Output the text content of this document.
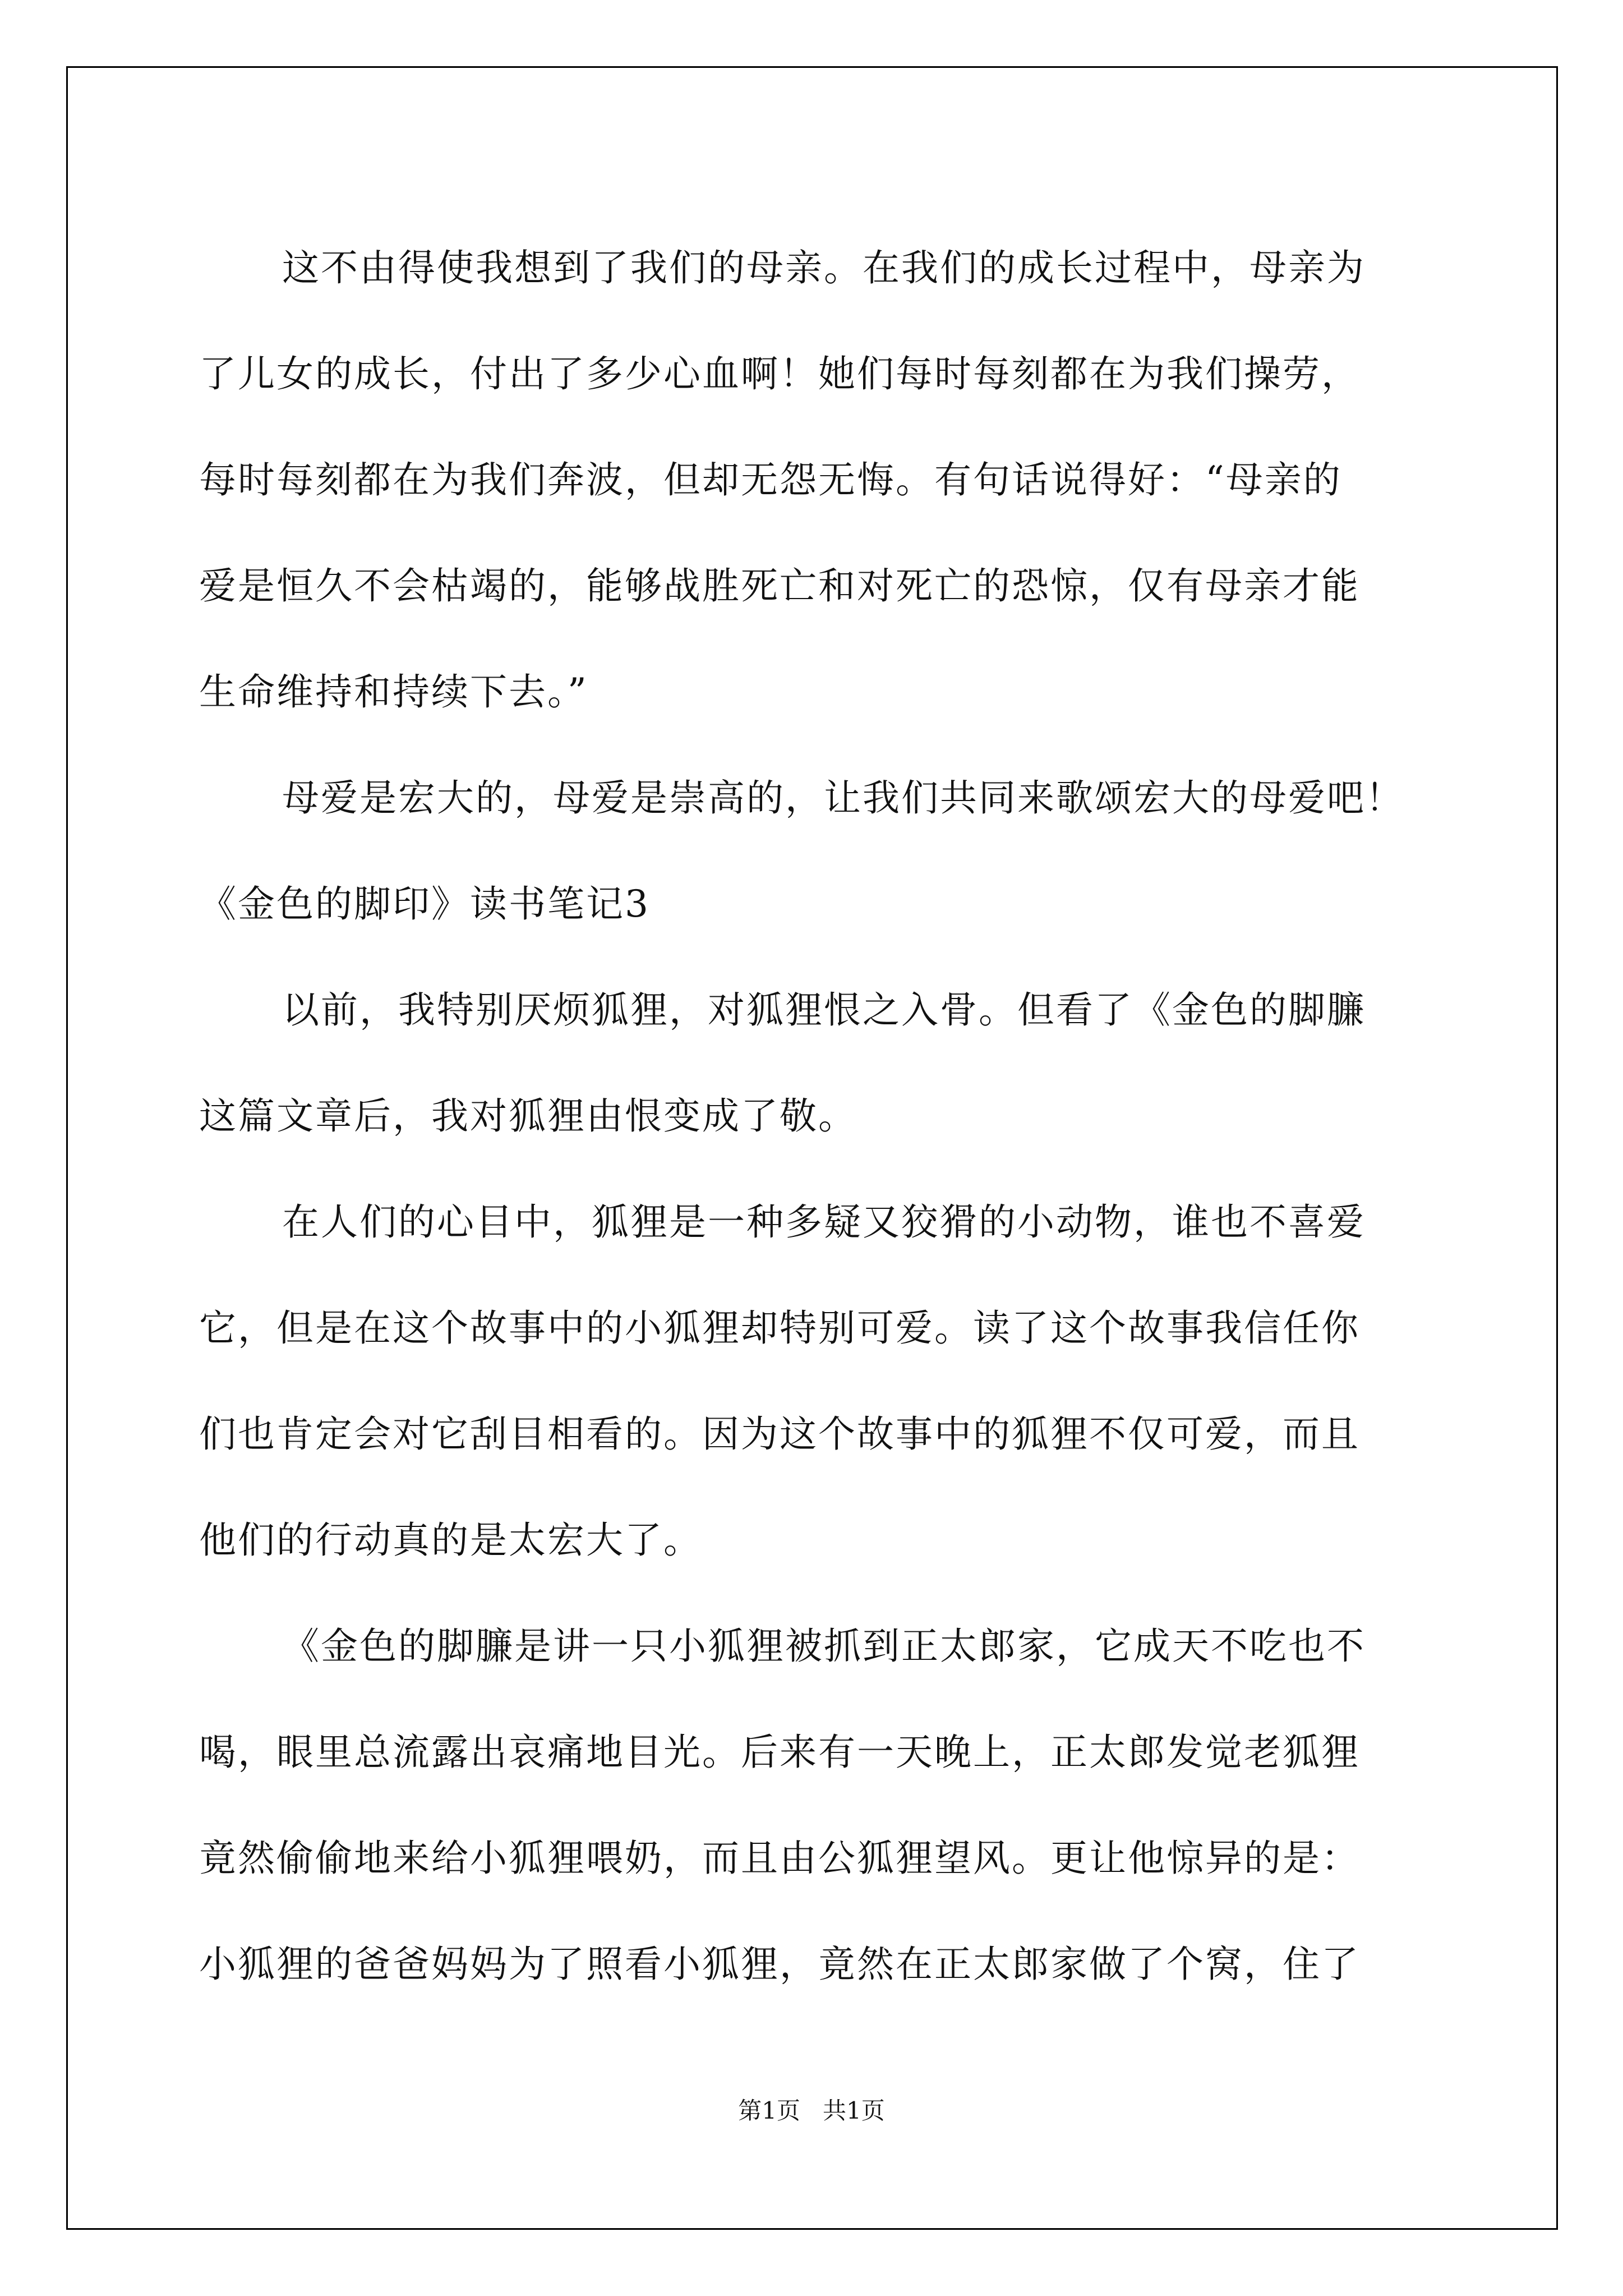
这不由得使我想到了我们的母亲。在我们的成长过程中，母亲为
了儿女的成长，付出了多少心血啊！她们每时每刻都在为我们操劳，
每时每刻都在为我们奔波，但却无怨无悔。有句话说得好：“母亲的
爱是恒久不会枯竭的，能够战胜死亡和对死亡的恐惊，仅有母亲才能
生命维持和持续下去。”
母爱是宏大的，母爱是崇高的，让我们共同来歌颂宏大的母爱吧！
《金色的脚印》读书笔记3
以前，我特别厌烦狐狸，对狐狸恨之入骨。但看了《金色的脚臁
这篇文章后，我对狐狸由恨变成了敬。
在人们的心目中，狐狸是一种多疑又狡猾的小动物，谁也不喜爱
它，但是在这个故事中的小狐狸却特别可爱。读了这个故事我信任你
们也肯定会对它刮目相看的。因为这个故事中的狐狸不仅可爱，而且
他们的行动真的是太宏大了。
《金色的脚臁是讲一只小狐狸被抓到正太郎家，它成天不吃也不
喝，眼里总流露出哀痛地目光。后来有一天晚上，正太郎发觉老狐狸
竟然偷偷地来给小狐狸喂奶，而且由公狐狸望风。更让他惊异的是：
小狐狸的爸爸妈妈为了照看小狐狸，竟然在正太郎家做了个窝，住了
第1页 共1页
